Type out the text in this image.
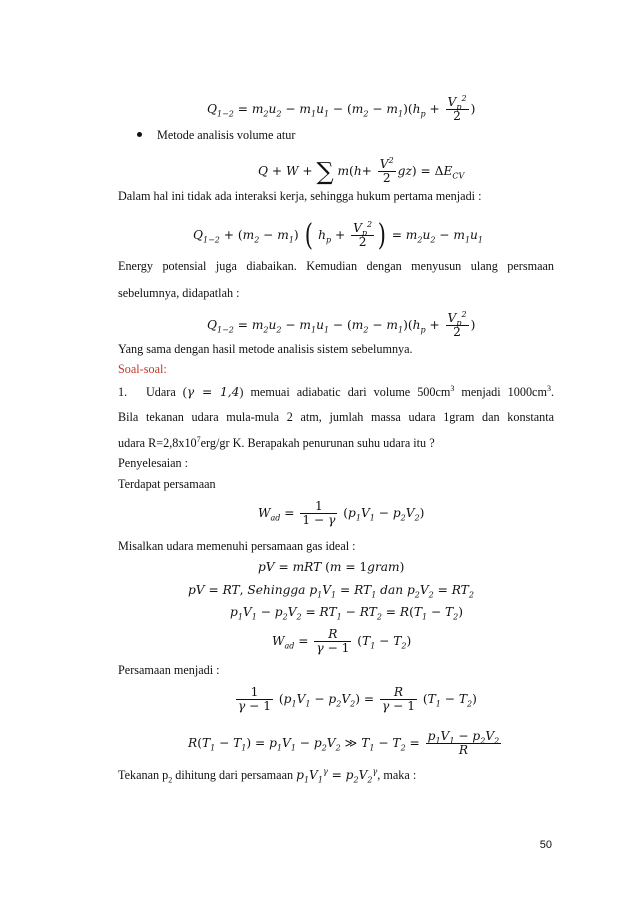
$Q_{1-2} = m_2u_2 - m_1u_1 - (m_2 - m_1)(h_p + \frac{V_p^2}{2}$ )
Metode analisis volume atur
Q + W + ∑ $m(h+ \frac{V^2}{2} gz) = \Delta E_{CV}$
Dalam hal ini tidak ada interaksi kerja, sehingga hukum pertama menjadi :
$Q_{1-2} + (m_2 - m_1)$ ( $h_p + \frac{V_p^2}{2}$ ) = $m_2u_2 - m_1u_1$
Energy potensial juga diabaikan. Kemudian dengan menyusun ulang persmaan
sebelumnya, didapatlah :
$Q_{1-2} = m_2u_2 - m_1u_1 - (m_2 - m_1)(h_p + \frac{V_p^2}{2}$ )
Yang sama dengan hasil metode analisis sistem sebelumnya.
Soal-soal:
1. Udara (γ = 1,4) memuai adiabatic dari volume $500cm^3$ menjadi $1000cm^3$.
Bila tekanan udara mula-mula 2 atm, jumlah massa udara 1gram dan konstanta
udara $R=2,8x10^7erg/gr$ K. Berapakah penurunan suhu udara itu ?
Penyelesaian :
Terdapat persamaan
$W_{ad} = \frac{1}{1 - \gamma} (p_1V_1 - p_2V_2)$
Misalkan udara memenuhi persamaan gas ideal :
pV = mRT (m = 1gram)
pV = RT, Sehingga $p_1V_1 = RT_1$ dan $p_2V_2 = RT_2$
$p_1V_1 - p_2V_2 = RT_1 - RT_2 = R(T_1 - T_2)$
$W_{ad} = \frac{R}{\gamma - 1} (T_1 - T_2)$
Persamaan menjadi :
$\frac{1}{\gamma - 1} (p_1V_1 - p_2V_2) = \frac{R}{\gamma - 1} (T_1 - T_2)$
$R(T_1 - T_1) = p_1V_1 - p_2V_2$ ≫ $T_1 - T_2 = \frac{p_1V_1 - p_2V_2}{R}$
Tekanan $p_2$ dihitung dari persamaan $p_1V_1^\gamma = p_2V_2^\gamma$, maka :
50
